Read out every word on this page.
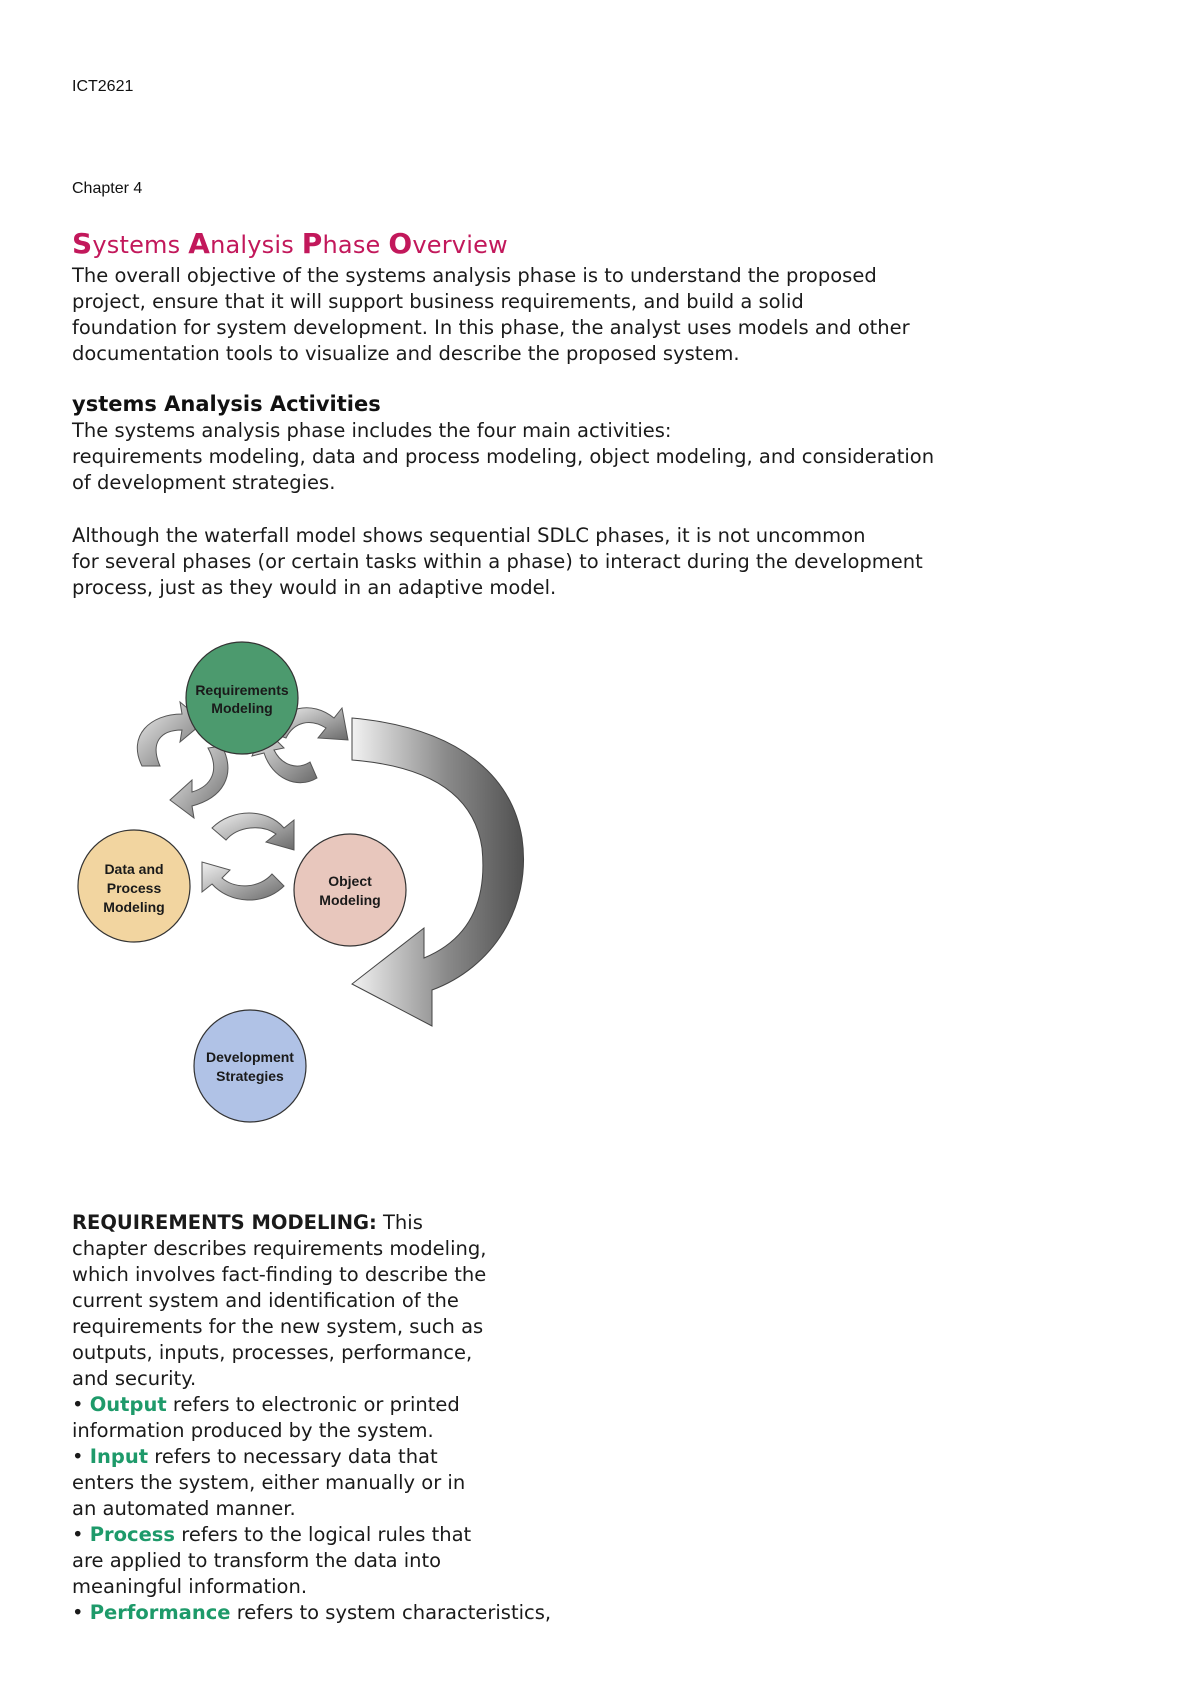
ICT2621
Chapter 4
Systems Analysis Phase Overview
The overall objective of the systems analysis phase is to understand the proposed
project, ensure that it will support business requirements, and build a solid
foundation for system development. In this phase, the analyst uses models and other
documentation tools to visualize and describe the proposed system.
ystems Analysis Activities
The systems analysis phase includes the four main activities:
requirements modeling, data and process modeling, object modeling, and consideration
of development strategies.
Although the waterfall model shows sequential SDLC phases, it is not uncommon
for several phases (or certain tasks within a phase) to interact during the development
process, just as they would in an adaptive model.
Requirements
Modeling
Data and
Process
Modeling
Object
Modeling
Development
Strategies

REQUIREMENTS MODELING: This

chapter describes requirements modeling,

which involves fact-finding to describe the

current system and identification of the

requirements for the new system, such as

outputs, inputs, processes, performance,

and security.

• Output refers to electronic or printed

information produced by the system.

• Input refers to necessary data that

enters the system, either manually or in

an automated manner.

• Process refers to the logical rules that

are applied to transform the data into

meaningful information.

• Performance refers to system characteristics,
